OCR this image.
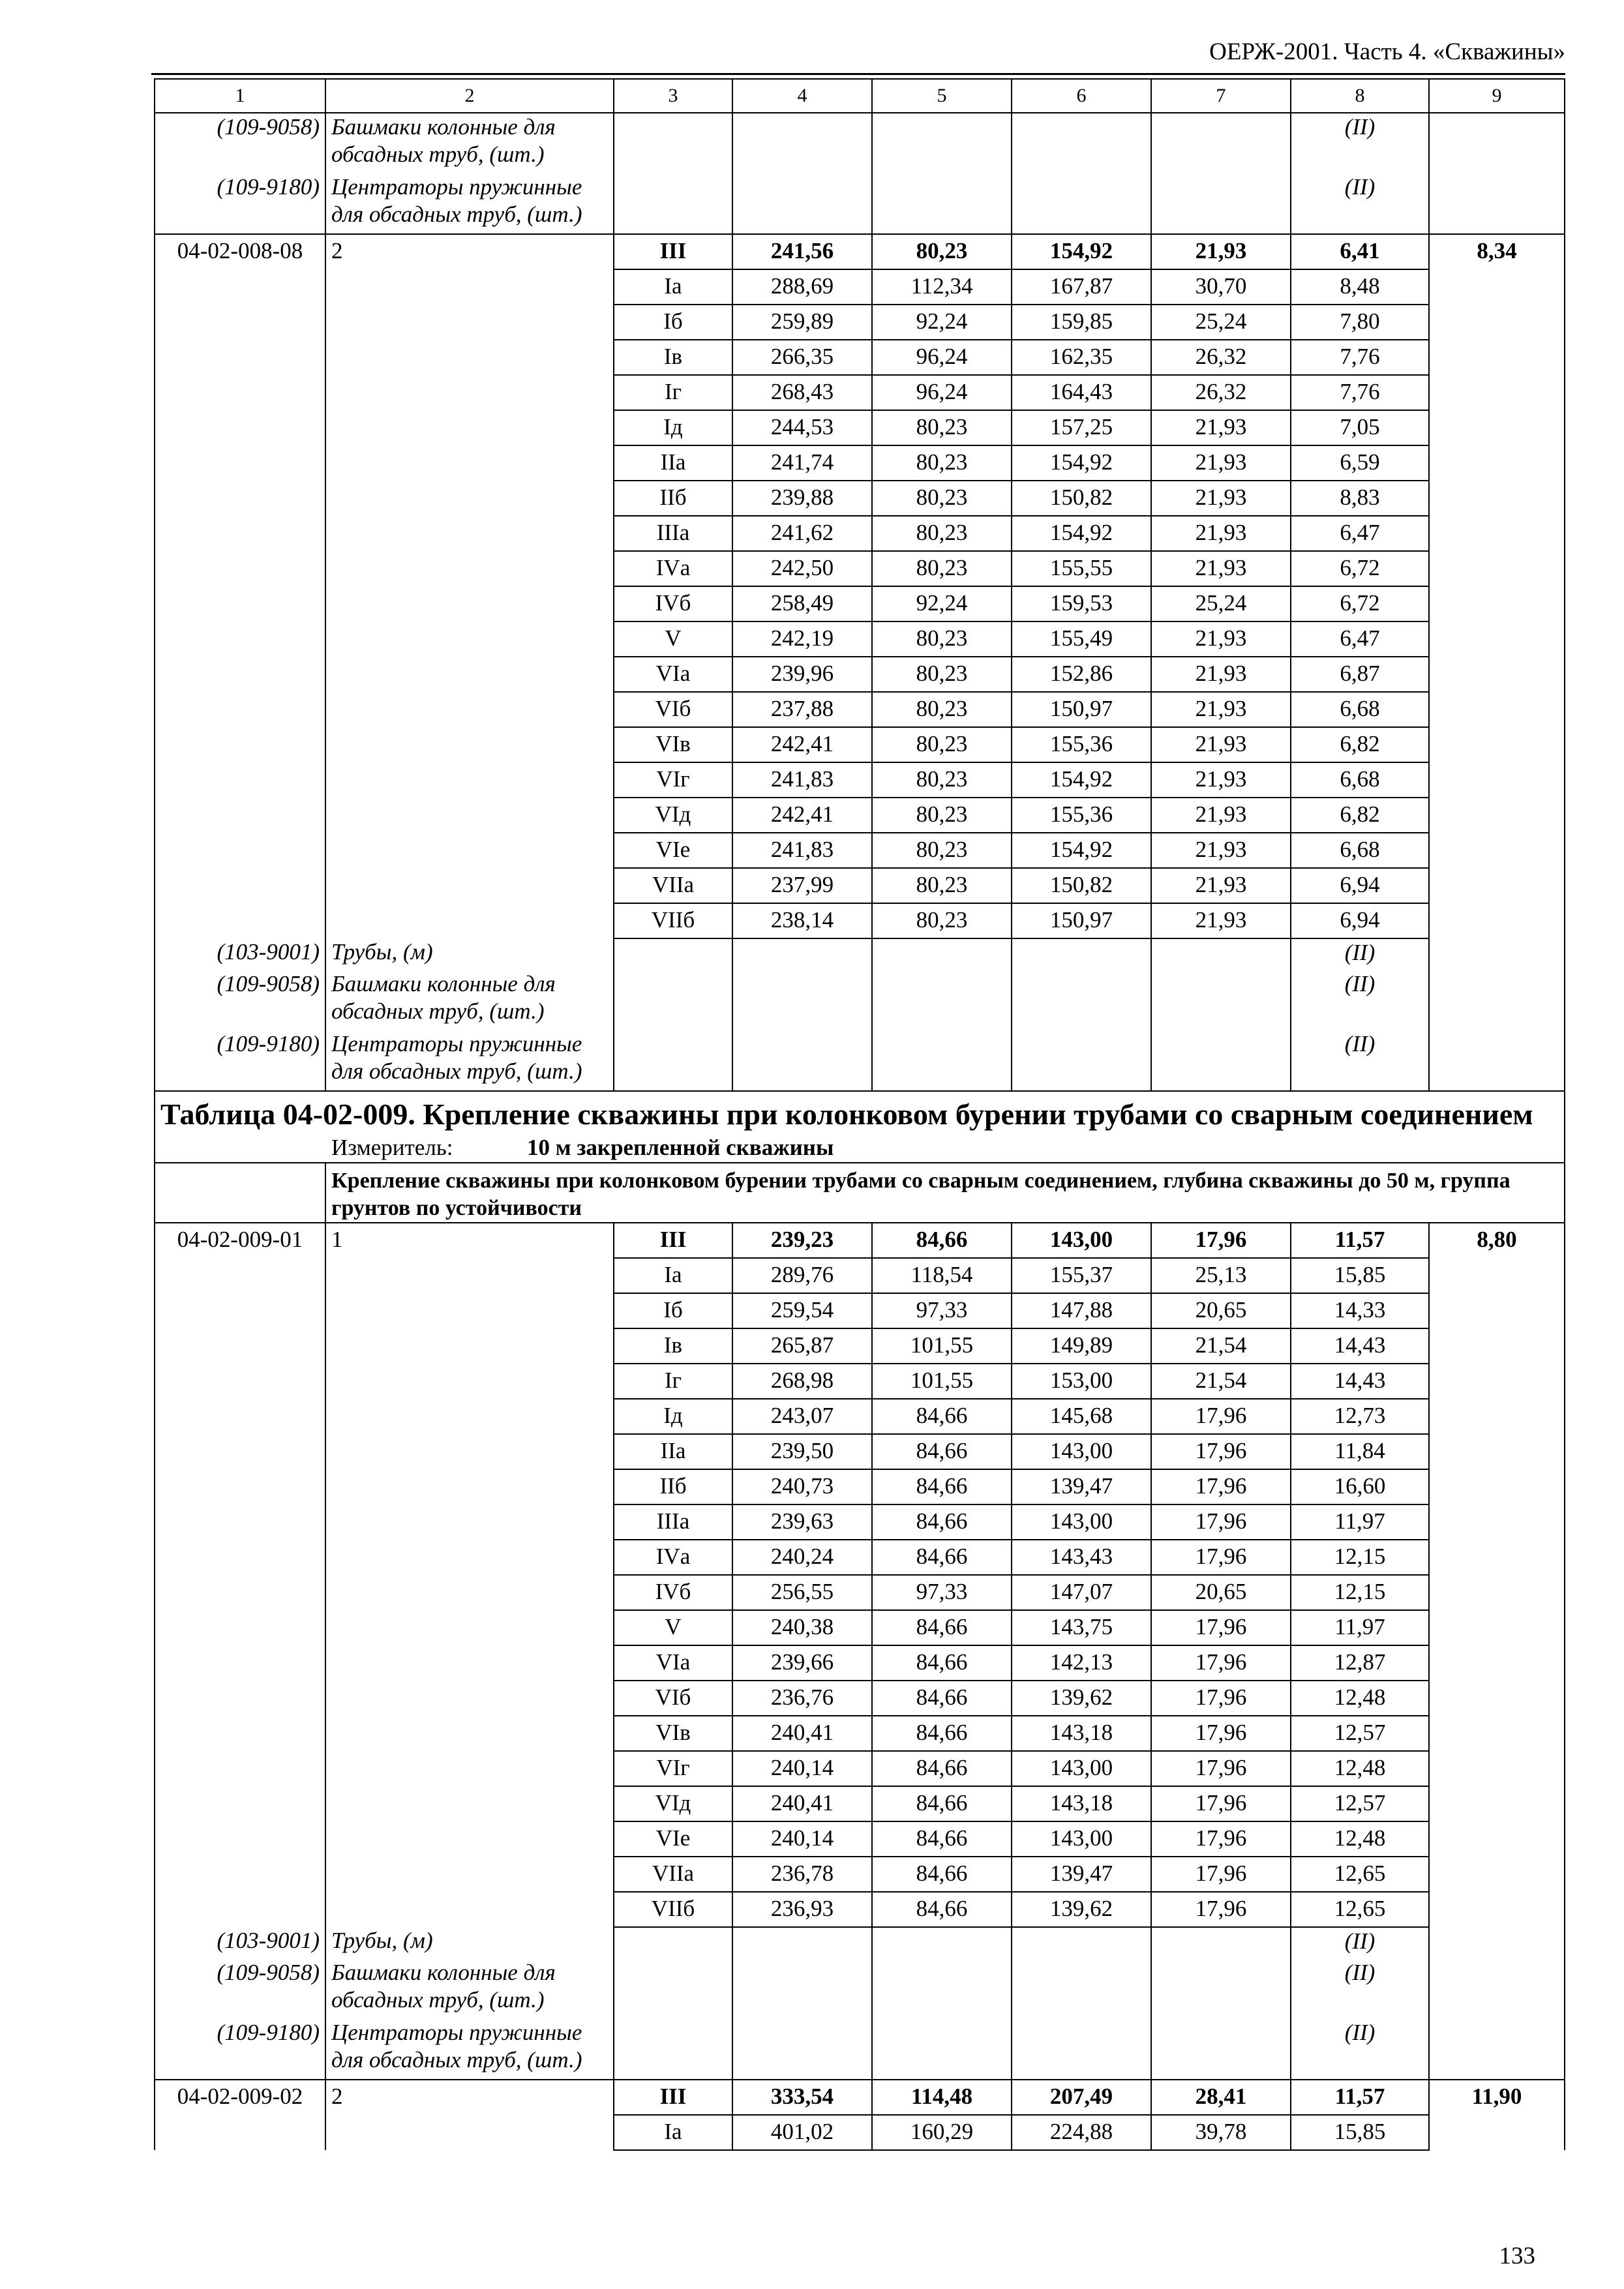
ОЕРЖ-2001. Часть 4. «Скважины»
1	2	3	4	5	6	7	8	9
(109-9058)	Башмаки колонные для
обсадных труб, (шт.)						(II)	
(109-9180)	Центраторы пружинные
для обсадных труб, (шт.)						(II)	
04-02-008-08	2	III	241,56	80,23	154,92	21,93	6,41	8,34
		Iа	288,69	112,34	167,87	30,70	8,48	
		Iб	259,89	92,24	159,85	25,24	7,80	
		Iв	266,35	96,24	162,35	26,32	7,76	
		Iг	268,43	96,24	164,43	26,32	7,76	
		Iд	244,53	80,23	157,25	21,93	7,05	
		IIа	241,74	80,23	154,92	21,93	6,59	
		IIб	239,88	80,23	150,82	21,93	8,83	
		IIIа	241,62	80,23	154,92	21,93	6,47	
		IVа	242,50	80,23	155,55	21,93	6,72	
		IVб	258,49	92,24	159,53	25,24	6,72	
		V	242,19	80,23	155,49	21,93	6,47	
		VIа	239,96	80,23	152,86	21,93	6,87	
		VIб	237,88	80,23	150,97	21,93	6,68	
		VIв	242,41	80,23	155,36	21,93	6,82	
		VIг	241,83	80,23	154,92	21,93	6,68	
		VIд	242,41	80,23	155,36	21,93	6,82	
		VIе	241,83	80,23	154,92	21,93	6,68	
		VIIа	237,99	80,23	150,82	21,93	6,94	
		VIIб	238,14	80,23	150,97	21,93	6,94	
(103-9001)	Трубы, (м)						(II)	
(109-9058)	Башмаки колонные для
обсадных труб, (шт.)						(II)	
(109-9180)	Центраторы пружинные
для обсадных труб, (шт.)						(II)	

Таблица 04-02-009. Крепление скважины при колонковом бурении трубами со сварным соединением
Измеритель: 10 м закрепленной скважины								

	Крепление скважины при колонковом бурении трубами со сварным соединением, глубина скважины до 50 м, группа грунтов по устойчивости							
04-02-009-01	1	III	239,23	84,66	143,00	17,96	11,57	8,80
		Iа	289,76	118,54	155,37	25,13	15,85	
		Iб	259,54	97,33	147,88	20,65	14,33	
		Iв	265,87	101,55	149,89	21,54	14,43	
		Iг	268,98	101,55	153,00	21,54	14,43	
		Iд	243,07	84,66	145,68	17,96	12,73	
		IIа	239,50	84,66	143,00	17,96	11,84	
		IIб	240,73	84,66	139,47	17,96	16,60	
		IIIа	239,63	84,66	143,00	17,96	11,97	
		IVа	240,24	84,66	143,43	17,96	12,15	
		IVб	256,55	97,33	147,07	20,65	12,15	
		V	240,38	84,66	143,75	17,96	11,97	
		VIа	239,66	84,66	142,13	17,96	12,87	
		VIб	236,76	84,66	139,62	17,96	12,48	
		VIв	240,41	84,66	143,18	17,96	12,57	
		VIг	240,14	84,66	143,00	17,96	12,48	
		VIд	240,41	84,66	143,18	17,96	12,57	
		VIе	240,14	84,66	143,00	17,96	12,48	
		VIIа	236,78	84,66	139,47	17,96	12,65	
		VIIб	236,93	84,66	139,62	17,96	12,65	
(103-9001)	Трубы, (м)						(II)	
(109-9058)	Башмаки колонные для
обсадных труб, (шт.)						(II)	
(109-9180)	Центраторы пружинные
для обсадных труб, (шт.)						(II)	
04-02-009-02	2	III	333,54	114,48	207,49	28,41	11,57	11,90
		Iа	401,02	160,29	224,88	39,78	15,85	
133
